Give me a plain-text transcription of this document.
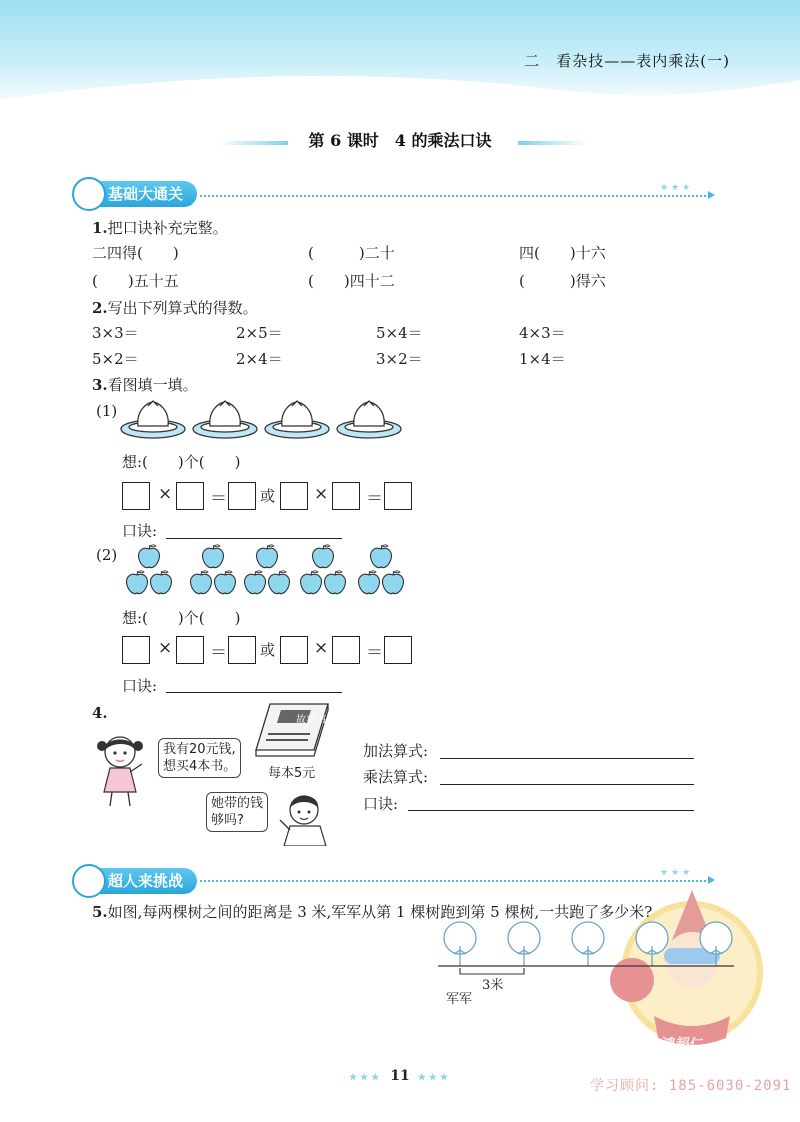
二　看杂技——表内乘法(一)
第 6 课时　4 的乘法口诀
基础大通关	★★★
1.把口诀补充完整。
二四得(　　)	(　　　)二十	四(　　)十六
(　　)五十五	(　　)四十二	(　　　)得六
2.写出下列算式的得数。
3×3＝	2×5＝	5×4＝	4×3＝
5×2＝	2×4＝	3×2＝	1×4＝
3.看图填一填。
(1)
想:(　　)个(　　)
× ＝ 或 × ＝
口诀:
(2)
想:(　　)个(　　)
× ＝ 或 × ＝
口诀:
4.
我有20元钱,
想买4本书。
故事书
每本5元
她带的钱
够吗?
加法算式:
乘法算式:
口诀:
超人来挑战	★★★
5.如图,每两棵树之间的距离是 3 米,军军从第 1 棵树跑到第 5 棵树,一共跑了多少米?
志鸿超仁
3米
军军
★★★ 11 ★★★	学习顾问: 185-6030-2091
